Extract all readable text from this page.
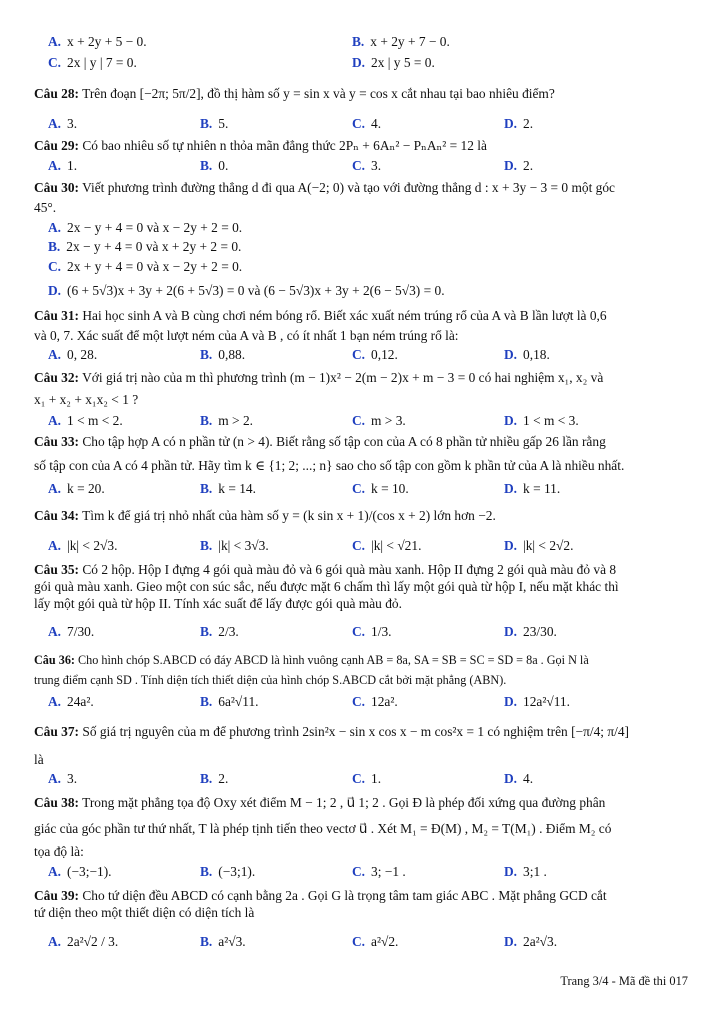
A. x + 2y + 5 − 0.	B. x + 2y + 7 − 0.
C. 2x | y | 7 = 0.	D. 2x | y 5 = 0.
Câu 28: Trên đoạn [−2π; 5π/2], đồ thị hàm số y = sin x và y = cos x cắt nhau tại bao nhiêu điểm?
A. 3.	B. 5.	C. 4.	D. 2.
Câu 29: Có bao nhiêu số tự nhiên n thỏa mãn đẳng thức 2Pₙ + 6Aₙ² − PₙAₙ² = 12 là
A. 1.	B. 0.	C. 3.	D. 2.
Câu 30: Viết phương trình đường thẳng d đi qua A(−2; 0) và tạo với đường thẳng d : x + 3y − 3 = 0 một góc
45°.
A. 2x − y + 4 = 0 và x − 2y + 2 = 0.
B. 2x − y + 4 = 0 và x + 2y + 2 = 0.
C. 2x + y + 4 = 0 và x − 2y + 2 = 0.
D. (6 + 5√3)x + 3y + 2(6 + 5√3) = 0 và (6 − 5√3)x + 3y + 2(6 − 5√3) = 0.
Câu 31: Hai học sinh A và B cùng chơi ném bóng rổ. Biết xác xuất ném trúng rổ của A và B lần lượt là 0,6
và 0, 7. Xác suất để một lượt ném của A và B , có ít nhất 1 bạn ném trúng rổ là:
A. 0, 28.	B. 0,88.	C. 0,12.	D. 0,18.
Câu 32: Với giá trị nào của m thì phương trình (m − 1)x² − 2(m − 2)x + m − 3 = 0 có hai nghiệm x₁, x₂ và
x₁ + x₂ + x₁x₂ < 1 ?
A. 1 < m < 2.	B. m > 2.	C. m > 3.	D. 1 < m < 3.
Câu 33: Cho tập hợp A có n phần tử (n > 4). Biết rằng số tập con của A có 8 phần tử nhiều gấp 26 lần rằng
số tập con của A có 4 phần tử. Hãy tìm k ∈ {1; 2; ...; n} sao cho số tập con gồm k phần tử của A là nhiều nhất.
A. k = 20.	B. k = 14.	C. k = 10.	D. k = 11.
Câu 34: Tìm k để giá trị nhỏ nhất của hàm số y = (k sin x + 1)/(cos x + 2) lớn hơn −2.
A. |k| < 2√3.	B. |k| < 3√3.	C. |k| < √21.	D. |k| < 2√2.
Câu 35: Có 2 hộp. Hộp I đựng 4 gói quà màu đỏ và 6 gói quà màu xanh. Hộp II đựng 2 gói quà màu đỏ và 8
gói quà màu xanh. Gieo một con súc sắc, nếu được mặt 6 chấm thì lấy một gói quà từ hộp I, nếu mặt khác thì
lấy một gói quà từ hộp II. Tính xác suất để lấy được gói quà màu đỏ.
A. 7/30.	B. 2/3.	C. 1/3.	D. 23/30.
Câu 36: Cho hình chóp S.ABCD có đáy ABCD là hình vuông cạnh AB = 8a, SA = SB = SC = SD = 8a . Gọi N là
trung điểm cạnh SD . Tính diện tích thiết diện của hình chóp S.ABCD cắt bởi mặt phẳng (ABN).
A. 24a².	B. 6a²√11.	C. 12a².	D. 12a²√11.
Câu 37: Số giá trị nguyên của m để phương trình 2sin²x − sin x cos x − m cos²x = 1 có nghiệm trên [−π/4; π/4]
là
A. 3.	B. 2.	C. 1.	D. 4.
Câu 38: Trong mặt phẳng tọa độ Oxy xét điểm M − 1; 2 , u⃗ 1; 2 . Gọi Đ là phép đối xứng qua đường phân
giác của góc phần tư thứ nhất, T là phép tịnh tiến theo vectơ u⃗ . Xét M₁ = Đ(M) , M₂ = T(M₁) . Điểm M₂ có
tọa độ là:
A. (−3;−1).	B. (−3;1).	C. 3; −1 .	D. 3;1 .
Câu 39: Cho tứ diện đều ABCD có cạnh bằng 2a . Gọi G là trọng tâm tam giác ABC . Mặt phẳng GCD cắt
tứ diện theo một thiết diện có diện tích là
A. 2a²√2 / 3.	B. a²√3.	C. a²√2.	D. 2a²√3.
Trang 3/4 - Mã đề thi 017
